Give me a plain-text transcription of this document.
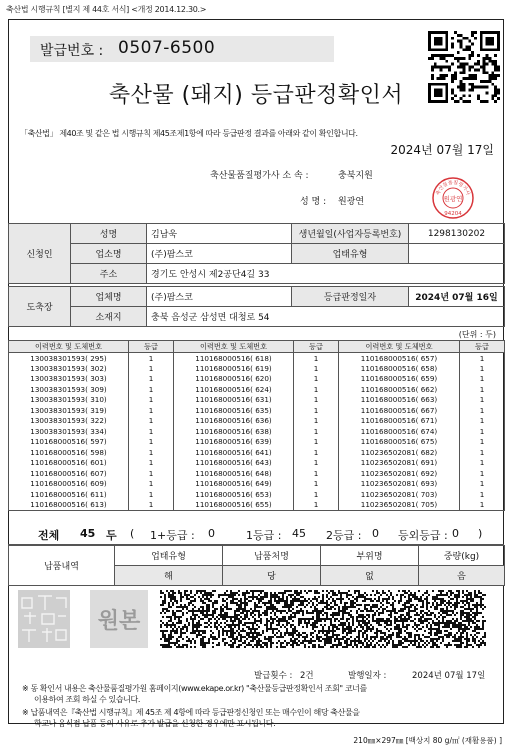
축산법 시행규칙 [별지 제 44호 서식] <개정 2014.12.30.>
발급번호 : 0507-6500
축산물 (돼지) 등급판정확인서
「축산법」 제40조 및 같은 법 시행규칙 제45조제1항에 따라 등급판정 결과를 아래와 같이 확인합니다.
2024년 07월 17일
축산물품질평가사 소 속 :	충북지원
성 명 : 원광연
축산물품질평가사
원광연
94204
신청인	성명	김남욱	생년월일(사업자등록번호)	1298130202
	업소명	(주)팜스코	업태유형	
	주소	경기도 안성시 제2공단4길 33		
도축장	업체명	(주)팜스코	등급판정일자	2024년 07월 16일
	소재지	충북 음성군 삼성면 대청로 54		
(단위 : 두)
이력번호 및 도체번호	등급	이력번호 및 도체번호	등급	이력번호 및 도체번호	등급
130038301593( 295)	1	110168000516( 618)	1	110168000516( 657)	1
130038301593( 302)	1	110168000516( 619)	1	110168000516( 658)	1
130038301593( 303)	1	110168000516( 620)	1	110168000516( 659)	1
130038301593( 309)	1	110168000516( 624)	1	110168000516( 662)	1
130038301593( 310)	1	110168000516( 631)	1	110168000516( 663)	1
130038301593( 319)	1	110168000516( 635)	1	110168000516( 667)	1
130038301593( 322)	1	110168000516( 636)	1	110168000516( 671)	1
130038301593( 334)	1	110168000516( 638)	1	110168000516( 674)	1
110168000516( 597)	1	110168000516( 639)	1	110168000516( 675)	1
110168000516( 598)	1	110168000516( 641)	1	110236502081( 682)	1
110168000516( 601)	1	110168000516( 643)	1	110236502081( 691)	1
110168000516( 607)	1	110168000516( 648)	1	110236502081( 692)	1
110168000516( 609)	1	110168000516( 649)	1	110236502081( 693)	1
110168000516( 611)	1	110168000516( 653)	1	110236502081( 703)	1
110168000516( 613)	1	110168000516( 655)	1	110236502081( 705)	1
전체 45 두 ( 1+등급 : 0	1등급 : 45 2등급 : 0 등외등급 : 0 )
납품내역	업태유형	납품처명	부위명	중량(kg)
	해	당	없	음
원본
발급횟수 : 2건	발행일자 :	2024년 07월 17일
※ 동 확인서 내용은 축산물품질평가원 홈페이지(www.ekape.or.kr) "축산물등급판정확인서 조회" 코너를
이용하여 조회 하실 수 있습니다.
※ 납품내역은『축산법 시행규칙』제 45조 제 4항에 따라 등급판정신청인 또는 매수인이 해당 축산물을
학교나 음식점 납품 등의 사유로 추가 발급을 신청한 경우에만 표시됩니다.
210㎜×297㎜ [백상지 80 g/㎡ (재활용품) ]
